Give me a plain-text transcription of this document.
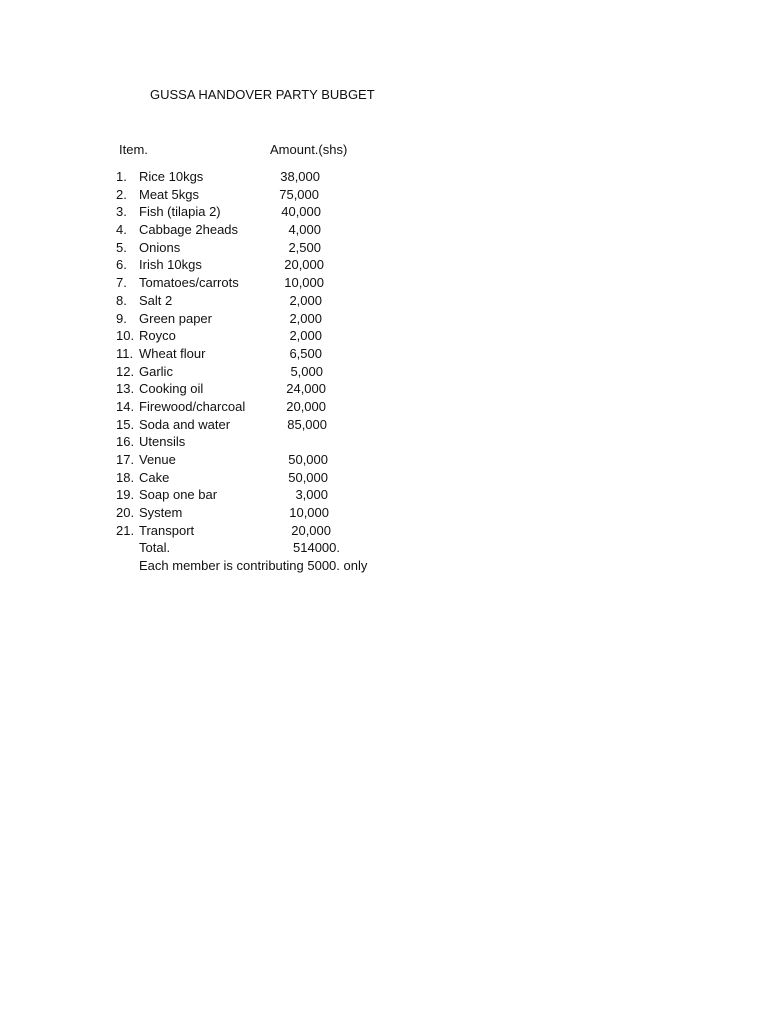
GUSSA HANDOVER PARTY BUBGET
Item.	Amount.(shs)
1. Rice 10kgs	38,000
2. Meat 5kgs	75,000
3. Fish (tilapia 2)	40,000
4. Cabbage 2heads	4,000
5. Onions	2,500
6. Irish 10kgs	20,000
7. Tomatoes/carrots	10,000
8. Salt 2	2,000
9. Green paper	2,000
10. Royco	2,000
11. Wheat flour	6,500
12. Garlic	5,000
13. Cooking oil	24,000
14. Firewood/charcoal	20,000
15. Soda and water	85,000
16. Utensils
17. Venue	50,000
18. Cake	50,000
19. Soap one bar	3,000
20. System	10,000
21. Transport	20,000
Total.	514000.
Each member is contributing 5000. only
